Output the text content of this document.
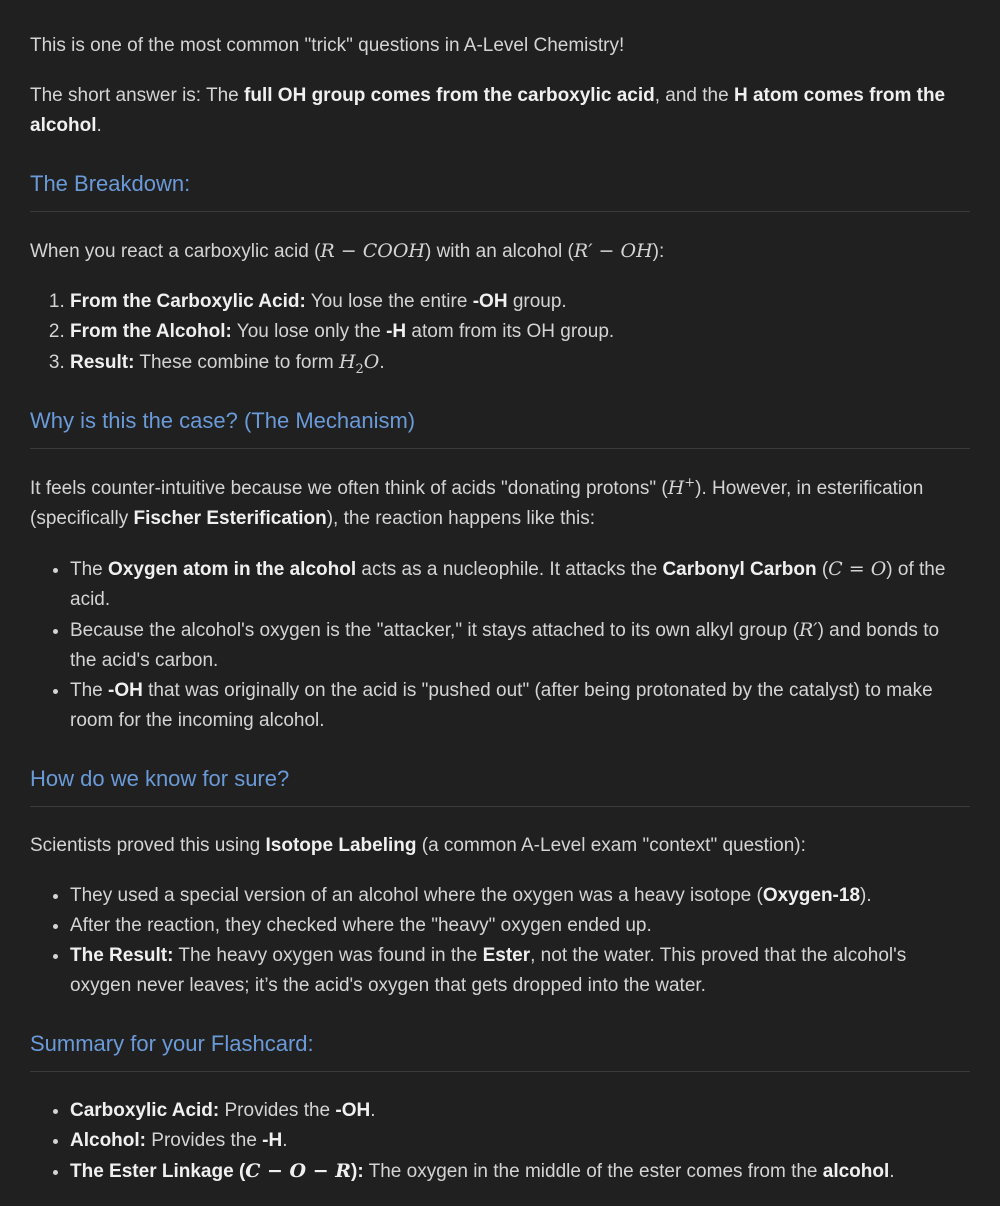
This is one of the most common "trick" questions in A-Level Chemistry!

The short answer is: The full OH group comes from the carboxylic acid, and the H atom comes from the alcohol.

The Breakdown:

When you react a carboxylic acid (R − COOH) with an alcohol (R′ − OH):

1. From the Carboxylic Acid: You lose the entire -OH group.
2. From the Alcohol: You lose only the -H atom from its OH group.
3. Result: These combine to form $H_2O$.
Why is this the case? (The Mechanism)

It feels counter-intuitive because we often think of acids "donating protons" (H+). However, in esterification (specifically Fischer Esterification), the reaction happens like this:

• The Oxygen atom in the alcohol acts as a nucleophile. It attacks the Carbonyl Carbon (C = O) of the acid.
• Because the alcohol's oxygen is the "attacker," it stays attached to its own alkyl group (R′) and bonds to the acid's carbon.
• The -OH that was originally on the acid is "pushed out" (after being protonated by the catalyst) to make room for the incoming alcohol.
How do we know for sure?

Scientists proved this using Isotope Labeling (a common A-Level exam "context" question):

• They used a special version of an alcohol where the oxygen was a heavy isotope (Oxygen-18).
• After the reaction, they checked where the "heavy" oxygen ended up.
• The Result: The heavy oxygen was found in the Ester, not the water. This proved that the alcohol's oxygen never leaves; it’s the acid's oxygen that gets dropped into the water.
Summary for your Flashcard:
• Carboxylic Acid: Provides the -OH.
• Alcohol: Provides the -H.
• The Ester Linkage (C − O − R): The oxygen in the middle of the ester comes from the alcohol.
